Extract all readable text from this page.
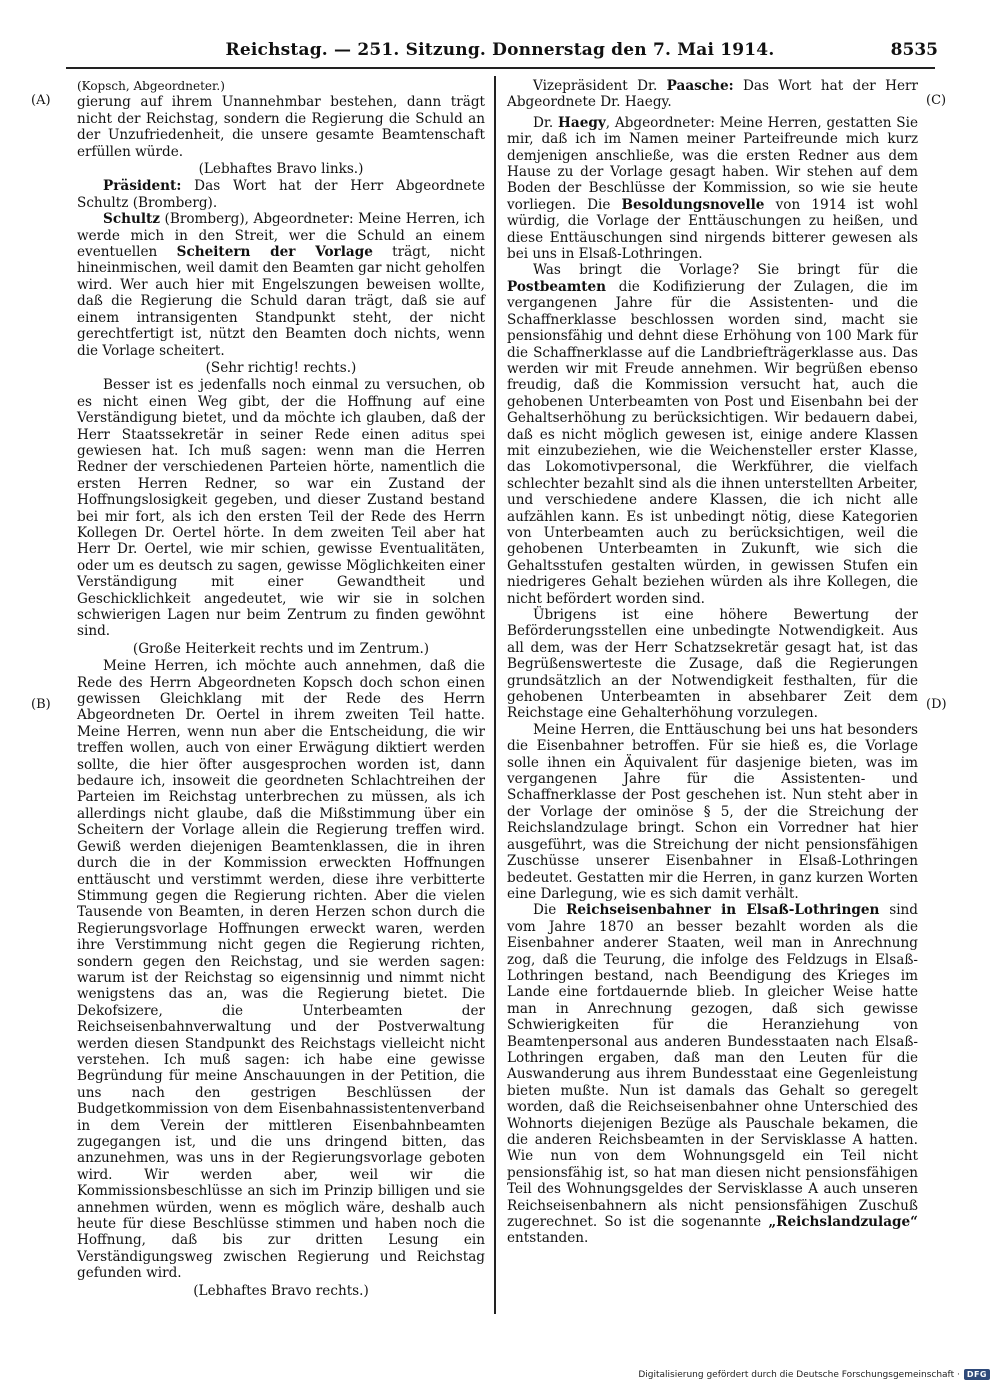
Reichstag. — 251. Sitzung. Donnerstag den 7. Mai 1914.	8535
(A)
(B)
(C)
(D)

(Kopsch, Abgeordneter.)

gierung auf ihrem Unannehmbar bestehen, dann trägt nicht der Reichstag, sondern die Regierung die Schuld an der Unzufriedenheit, die unsere gesamte Beamtenschaft erfüllen würde.

(Lebhaftes Bravo links.)

Präsident: Das Wort hat der Herr Abgeordnete Schultz (Bromberg).

Schultz (Bromberg), Abgeordneter: Meine Herren, ich werde mich in den Streit, wer die Schuld an einem eventuellen Scheitern der Vorlage trägt, nicht hineinmischen, weil damit den Beamten gar nicht geholfen wird. Wer auch hier mit Engelszungen beweisen wollte, daß die Regierung die Schuld daran trägt, daß sie auf einem intransigenten Standpunkt steht, der nicht gerechtfertigt ist, nützt den Beamten doch nichts, wenn die Vorlage scheitert.

(Sehr richtig! rechts.)

Besser ist es jedenfalls noch einmal zu versuchen, ob es nicht einen Weg gibt, der die Hoffnung auf eine Verständigung bietet, und da möchte ich glauben, daß der Herr Staatssekretär in seiner Rede einen aditus spei gewiesen hat. Ich muß sagen: wenn man die Herren Redner der verschiedenen Parteien hörte, namentlich die ersten Herren Redner, so war ein Zustand der Hoffnungslosigkeit gegeben, und dieser Zustand bestand bei mir fort, als ich den ersten Teil der Rede des Herrn Kollegen Dr. Oertel hörte. In dem zweiten Teil aber hat Herr Dr. Oertel, wie mir schien, gewisse Eventualitäten, oder um es deutsch zu sagen, gewisse Möglichkeiten einer Verständigung mit einer Gewandtheit und Geschicklichkeit angedeutet, wie wir sie in solchen schwierigen Lagen nur beim Zentrum zu finden gewöhnt sind.

(Große Heiterkeit rechts und im Zentrum.)

Meine Herren, ich möchte auch annehmen, daß die Rede des Herrn Abgeordneten Kopsch doch schon einen gewissen Gleichklang mit der Rede des Herrn Abgeordneten Dr. Oertel in ihrem zweiten Teil hatte. Meine Herren, wenn nun aber die Entscheidung, die wir treffen wollen, auch von einer Erwägung diktiert werden sollte, die hier öfter ausgesprochen worden ist, dann bedaure ich, insoweit die geordneten Schlachtreihen der Parteien im Reichstag unterbrechen zu müssen, als ich allerdings nicht glaube, daß die Mißstimmung über ein Scheitern der Vorlage allein die Regierung treffen wird. Gewiß werden diejenigen Beamtenklassen, die in ihren durch die in der Kommission erweckten Hoffnungen enttäuscht und verstimmt werden, diese ihre verbitterte Stimmung gegen die Regierung richten. Aber die vielen Tausende von Beamten, in deren Herzen schon durch die Regierungsvorlage Hoffnungen erweckt waren, werden ihre Verstimmung nicht gegen die Regierung richten, sondern gegen den Reichstag, und sie werden sagen: warum ist der Reichstag so eigensinnig und nimmt nicht wenigstens das an, was die Regierung bietet. Die Dekofsizere, die Unterbeamten der Reichseisenbahnverwaltung und der Postverwaltung werden diesen Standpunkt des Reichstags vielleicht nicht verstehen. Ich muß sagen: ich habe eine gewisse Begründung für meine Anschauungen in der Petition, die uns nach den gestrigen Beschlüssen der Budgetkommission von dem Eisenbahnassistentenverband in dem Verein der mittleren Eisenbahnbeamten zugegangen ist, und die uns dringend bitten, das anzunehmen, was uns in der Regierungsvorlage geboten wird. Wir werden aber, weil wir die Kommissionsbeschlüsse an sich im Prinzip billigen und sie annehmen würden, wenn es möglich wäre, deshalb auch heute für diese Beschlüsse stimmen und haben noch die Hoffnung, daß bis zur dritten Lesung ein Verständigungsweg zwischen Regierung und Reichstag gefunden wird.

(Lebhaftes Bravo rechts.)

Vizepräsident Dr. Paasche: Das Wort hat der Herr Abgeordnete Dr. Haegy.

Dr. Haegy, Abgeordneter: Meine Herren, gestatten Sie mir, daß ich im Namen meiner Parteifreunde mich kurz demjenigen anschließe, was die ersten Redner aus dem Hause zu der Vorlage gesagt haben. Wir stehen auf dem Boden der Beschlüsse der Kommission, so wie sie heute vorliegen. Die Besoldungsnovelle von 1914 ist wohl würdig, die Vorlage der Enttäuschungen zu heißen, und diese Enttäuschungen sind nirgends bitterer gewesen als bei uns in Elsaß-Lothringen.

Was bringt die Vorlage? Sie bringt für die Postbeamten die Kodifizierung der Zulagen, die im vergangenen Jahre für die Assistenten- und die Schaffnerklasse beschlossen worden sind, macht sie pensionsfähig und dehnt diese Erhöhung von 100 Mark für die Schaffnerklasse auf die Landbriefträgerklasse aus. Das werden wir mit Freude annehmen. Wir begrüßen ebenso freudig, daß die Kommission versucht hat, auch die gehobenen Unterbeamten von Post und Eisenbahn bei der Gehaltserhöhung zu berücksichtigen. Wir bedauern dabei, daß es nicht möglich gewesen ist, einige andere Klassen mit einzubeziehen, wie die Weichensteller erster Klasse, das Lokomotivpersonal, die Werkführer, die vielfach schlechter bezahlt sind als die ihnen unterstellten Arbeiter, und verschiedene andere Klassen, die ich nicht alle aufzählen kann. Es ist unbedingt nötig, diese Kategorien von Unterbeamten auch zu berücksichtigen, weil die gehobenen Unterbeamten in Zukunft, wie sich die Gehaltsstufen gestalten würden, in gewissen Stufen ein niedrigeres Gehalt beziehen würden als ihre Kollegen, die nicht befördert worden sind.

Übrigens ist eine höhere Bewertung der Beförderungsstellen eine unbedingte Notwendigkeit. Aus all dem, was der Herr Schatzsekretär gesagt hat, ist das Begrüßenswerteste die Zusage, daß die Regierungen grundsätzlich an der Notwendigkeit festhalten, für die gehobenen Unterbeamten in absehbarer Zeit dem Reichstage eine Gehalterhöhung vorzulegen.

Meine Herren, die Enttäuschung bei uns hat besonders die Eisenbahner betroffen. Für sie hieß es, die Vorlage solle ihnen ein Äquivalent für dasjenige bieten, was im vergangenen Jahre für die Assistenten- und Schaffnerklasse der Post geschehen ist. Nun steht aber in der Vorlage der ominöse § 5, der die Streichung der Reichslandzulage bringt. Schon ein Vorredner hat hier ausgeführt, was die Streichung der nicht pensionsfähigen Zuschüsse unserer Eisenbahner in Elsaß-Lothringen bedeutet. Gestatten mir die Herren, in ganz kurzen Worten eine Darlegung, wie es sich damit verhält.

Die Reichseisenbahner in Elsaß-Lothringen sind vom Jahre 1870 an besser bezahlt worden als die Eisenbahner anderer Staaten, weil man in Anrechnung zog, daß die Teurung, die infolge des Feldzugs in Elsaß-Lothringen bestand, nach Beendigung des Krieges im Lande eine fortdauernde blieb. In gleicher Weise hatte man in Anrechnung gezogen, daß sich gewisse Schwierigkeiten für die Heranziehung von Beamtenpersonal aus anderen Bundesstaaten nach Elsaß-Lothringen ergaben, daß man den Leuten für die Auswanderung aus ihrem Bundesstaat eine Gegenleistung bieten mußte. Nun ist damals das Gehalt so geregelt worden, daß die Reichseisenbahner ohne Unterschied des Wohnorts diejenigen Bezüge als Pauschale bekamen, die die anderen Reichsbeamten in der Servisklasse A hatten. Wie nun von dem Wohnungsgeld ein Teil nicht pensionsfähig ist, so hat man diesen nicht pensionsfähigen Teil des Wohnungsgeldes der Servisklasse A auch unseren Reichseisenbahnern als nicht pensionsfähigen Zuschuß zugerechnet. So ist die sogenannte „Reichslandzulage“ entstanden.

Digitalisierung gefördert durch die Deutsche Forschungsgemeinschaft · DFG
